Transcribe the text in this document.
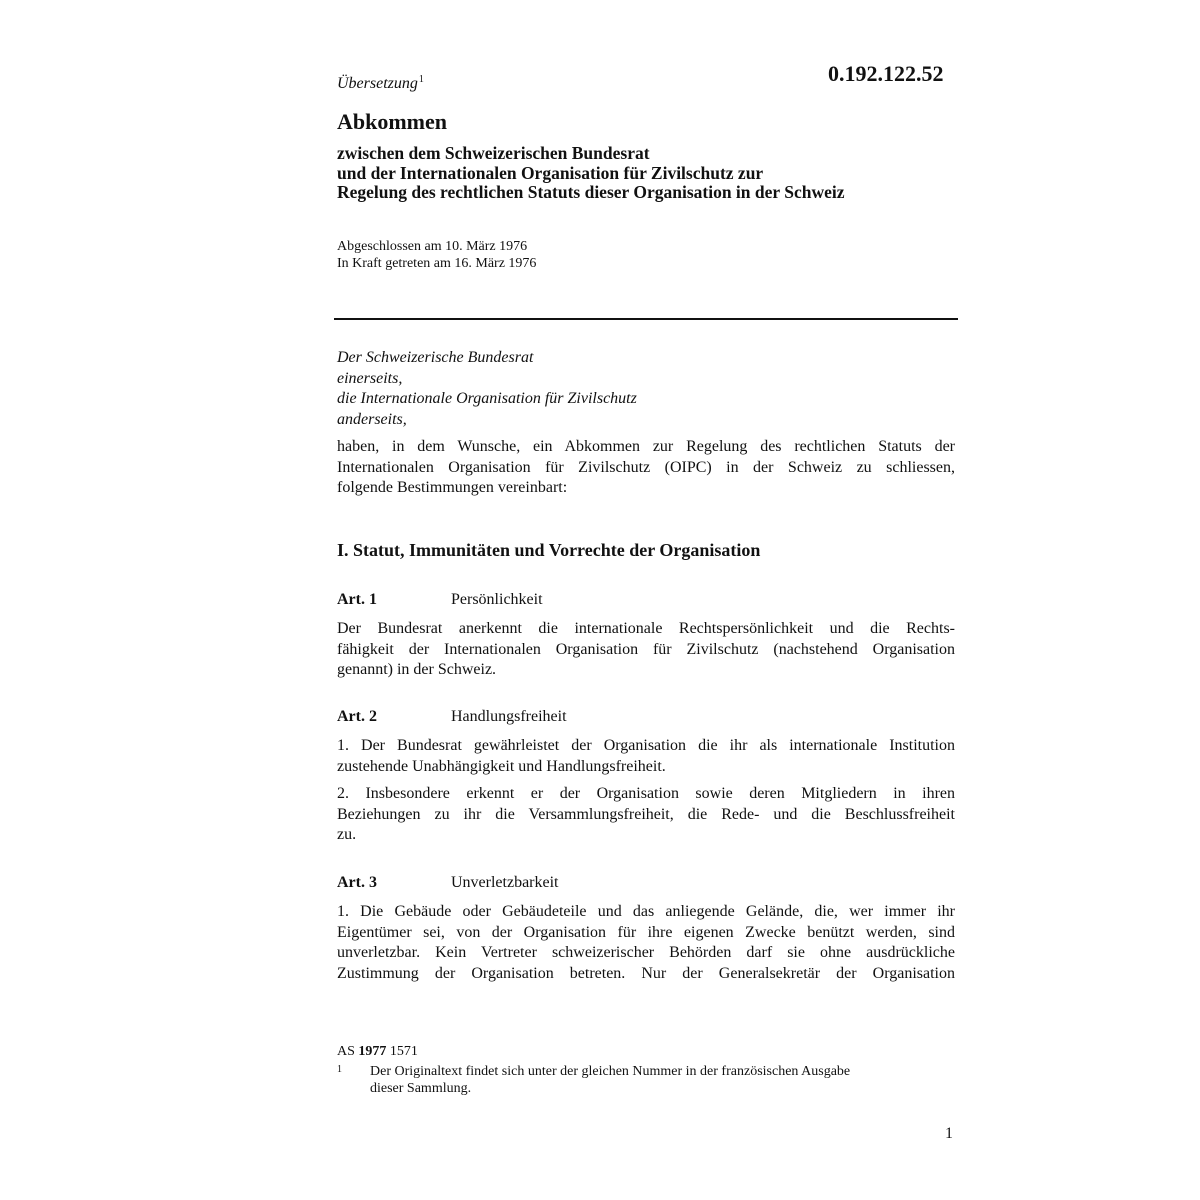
Übersetzung$^1$	0.192.122.52
Abkommen
zwischen dem Schweizerischen Bundesrat
und der Internationalen Organisation für Zivilschutz zur
Regelung des rechtlichen Statuts dieser Organisation in der Schweiz
Abgeschlossen am 10. März 1976
In Kraft getreten am 16. März 1976
Der Schweizerische Bundesrat
einerseits,
die Internationale Organisation für Zivilschutz
anderseits,
haben, in dem Wunsche, ein Abkommen zur Regelung des rechtlichen Statuts der
Internationalen Organisation für Zivilschutz (OIPC) in der Schweiz zu schliessen,
folgende Bestimmungen vereinbart:
I. Statut, Immunitäten und Vorrechte der Organisation
Art. 1	Persönlichkeit
Der Bundesrat anerkennt die internationale Rechtspersönlichkeit und die Rechts-
fähigkeit der Internationalen Organisation für Zivilschutz (nachstehend Organisation
genannt) in der Schweiz.
Art. 2	Handlungsfreiheit
1. Der Bundesrat gewährleistet der Organisation die ihr als internationale Institution
zustehende Unabhängigkeit und Handlungsfreiheit.
2. Insbesondere erkennt er der Organisation sowie deren Mitgliedern in ihren
Beziehungen zu ihr die Versammlungsfreiheit, die Rede- und die Beschlussfreiheit
zu.
Art. 3	Unverletzbarkeit
1. Die Gebäude oder Gebäudeteile und das anliegende Gelände, die, wer immer ihr
Eigentümer sei, von der Organisation für ihre eigenen Zwecke benützt werden, sind
unverletzbar. Kein Vertreter schweizerischer Behörden darf sie ohne ausdrückliche
Zustimmung der Organisation betreten. Nur der Generalsekretär der Organisation
AS 1977 1571
1 Der Originaltext findet sich unter der gleichen Nummer in der französischen Ausgabe
dieser Sammlung.
1
